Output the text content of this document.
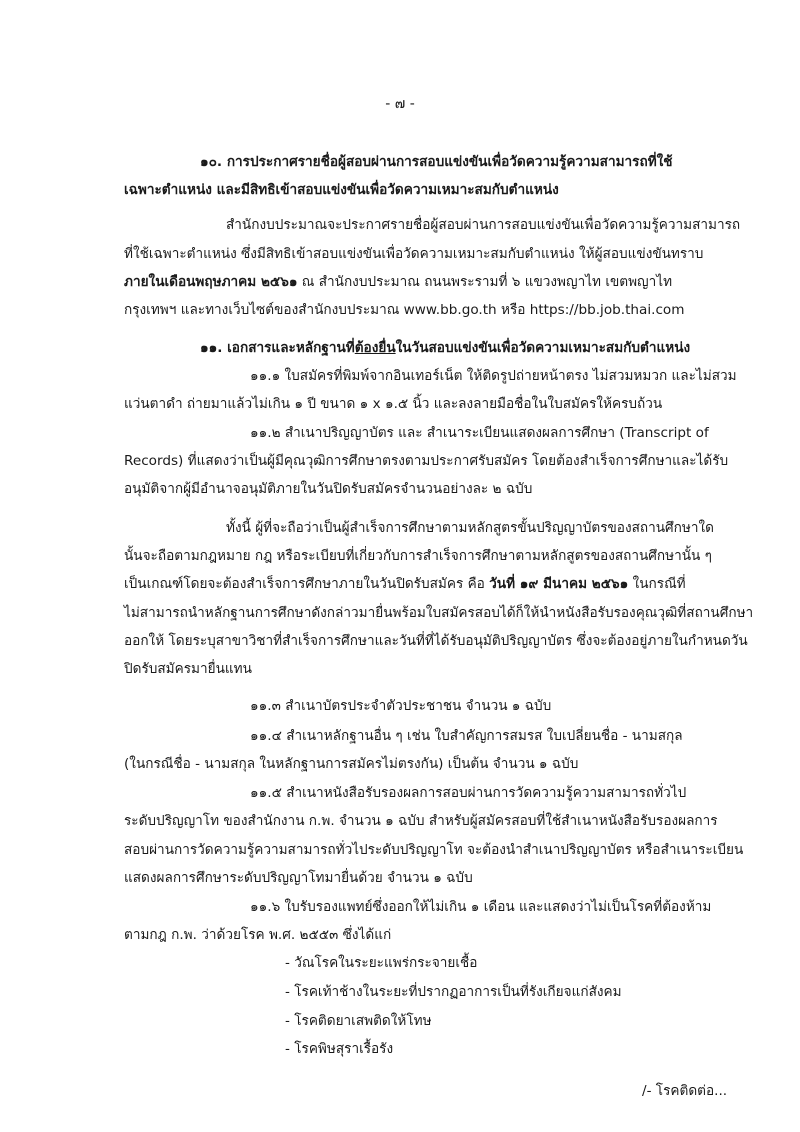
- ๗ -
๑๐. การประกาศรายชื่อผู้สอบผ่านการสอบแข่งขันเพื่อวัดความรู้ความสามารถที่ใช้
เฉพาะตำแหน่ง และมีสิทธิเข้าสอบแข่งขันเพื่อวัดความเหมาะสมกับตำแหน่ง
สำนักงบประมาณจะประกาศรายชื่อผู้สอบผ่านการสอบแข่งขันเพื่อวัดความรู้ความสามารถ
ที่ใช้เฉพาะตำแหน่ง ซึ่งมีสิทธิเข้าสอบแข่งขันเพื่อวัดความเหมาะสมกับตำแหน่ง ให้ผู้สอบแข่งขันทราบ
ภายในเดือนพฤษภาคม ๒๕๖๑ ณ สำนักงบประมาณ ถนนพระรามที่ ๖ แขวงพญาไท เขตพญาไท
กรุงเทพฯ และทางเว็บไซต์ของสำนักงบประมาณ www.bb.go.th หรือ https://bb.job.thai.com
๑๑. เอกสารและหลักฐานที่ต้องยื่นในวันสอบแข่งขันเพื่อวัดความเหมาะสมกับตำแหน่ง
๑๑.๑ ใบสมัครที่พิมพ์จากอินเทอร์เน็ต ให้ติดรูปถ่ายหน้าตรง ไม่สวมหมวก และไม่สวม
แว่นตาดำ ถ่ายมาแล้วไม่เกิน ๑ ปี ขนาด ๑ x ๑.๕ นิ้ว และลงลายมือชื่อในใบสมัครให้ครบถ้วน
๑๑.๒ สำเนาปริญญาบัตร และ สำเนาระเบียนแสดงผลการศึกษา (Transcript of
Records) ที่แสดงว่าเป็นผู้มีคุณวุฒิการศึกษาตรงตามประกาศรับสมัคร โดยต้องสำเร็จการศึกษาและได้รับ
อนุมัติจากผู้มีอำนาจอนุมัติภายในวันปิดรับสมัครจำนวนอย่างละ ๒ ฉบับ
ทั้งนี้ ผู้ที่จะถือว่าเป็นผู้สำเร็จการศึกษาตามหลักสูตรขั้นปริญญาบัตรของสถานศึกษาใด
นั้นจะถือตามกฎหมาย กฎ หรือระเบียบที่เกี่ยวกับการสำเร็จการศึกษาตามหลักสูตรของสถานศึกษานั้น ๆ
เป็นเกณฑ์โดยจะต้องสำเร็จการศึกษาภายในวันปิดรับสมัคร คือ วันที่ ๑๙ มีนาคม ๒๕๖๑ ในกรณีที่
ไม่สามารถนำหลักฐานการศึกษาดังกล่าวมายื่นพร้อมใบสมัครสอบได้ก็ให้นำหนังสือรับรองคุณวุฒิที่สถานศึกษา
ออกให้ โดยระบุสาขาวิชาที่สำเร็จการศึกษาและวันที่ที่ได้รับอนุมัติปริญญาบัตร ซึ่งจะต้องอยู่ภายในกำหนดวัน
ปิดรับสมัครมายื่นแทน
๑๑.๓ สำเนาบัตรประจำตัวประชาชน จำนวน ๑ ฉบับ
๑๑.๔ สำเนาหลักฐานอื่น ๆ เช่น ใบสำคัญการสมรส ใบเปลี่ยนชื่อ - นามสกุล
(ในกรณีชื่อ - นามสกุล ในหลักฐานการสมัครไม่ตรงกัน) เป็นต้น จำนวน ๑ ฉบับ
๑๑.๕ สำเนาหนังสือรับรองผลการสอบผ่านการวัดความรู้ความสามารถทั่วไป
ระดับปริญญาโท ของสำนักงาน ก.พ. จำนวน ๑ ฉบับ สำหรับผู้สมัครสอบที่ใช้สำเนาหนังสือรับรองผลการ
สอบผ่านการวัดความรู้ความสามารถทั่วไประดับปริญญาโท จะต้องนำสำเนาปริญญาบัตร หรือสำเนาระเบียน
แสดงผลการศึกษาระดับปริญญาโทมายื่นด้วย จำนวน ๑ ฉบับ
๑๑.๖ ใบรับรองแพทย์ซึ่งออกให้ไม่เกิน ๑ เดือน และแสดงว่าไม่เป็นโรคที่ต้องห้าม
ตามกฎ ก.พ. ว่าด้วยโรค พ.ศ. ๒๕๕๓ ซึ่งได้แก่
- วัณโรคในระยะแพร่กระจายเชื้อ
- โรคเท้าช้างในระยะที่ปรากฏอาการเป็นที่รังเกียจแก่สังคม
- โรคติดยาเสพติดให้โทษ
- โรคพิษสุราเรื้อรัง
/- โรคติดต่อ...
